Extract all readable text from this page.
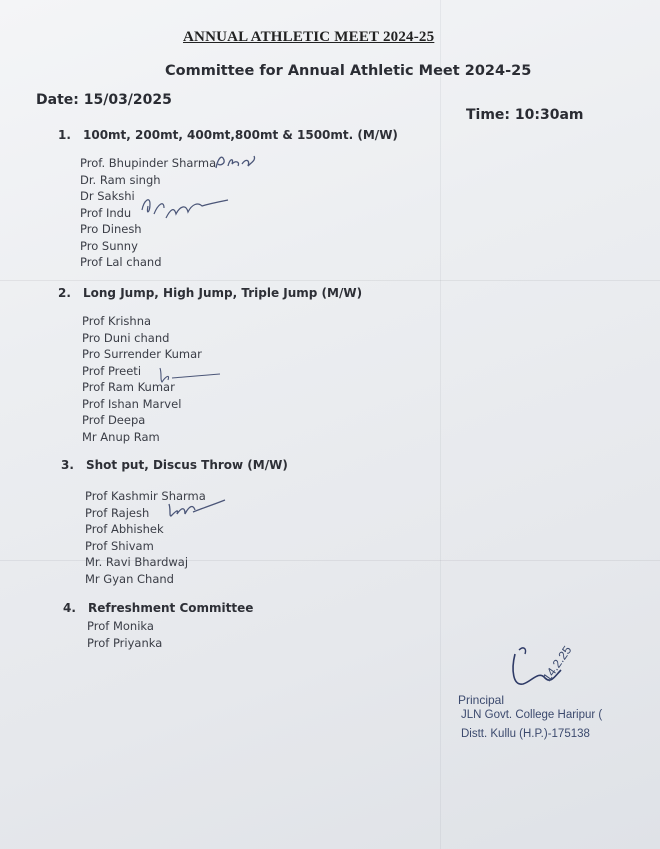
ANNUAL ATHLETIC MEET 2024-25
Committee for Annual Athletic Meet 2024-25
Date: 15/03/2025
Time: 10:30am
1. 100mt, 200mt, 400mt,800mt & 1500mt. (M/W)
Prof. Bhupinder Sharma
Dr. Ram singh
Dr Sakshi
Prof Indu
Pro Dinesh
Pro Sunny
Prof Lal chand
2. Long Jump, High Jump, Triple Jump (M/W)
Prof Krishna
Pro Duni chand
Pro Surrender Kumar
Prof Preeti
Prof Ram Kumar
Prof Ishan Marvel
Prof Deepa
Mr Anup Ram
3. Shot put, Discus Throw (M/W)
Prof Kashmir Sharma
Prof Rajesh
Prof Abhishek
Prof Shivam
Mr. Ravi Bhardwaj
Mr Gyan Chand
4. Refreshment Committee
Prof Monika
Prof Priyanka
14.2.25
Principal
JLN Govt. College Haripur (
Distt. Kullu (H.P.)-175138
